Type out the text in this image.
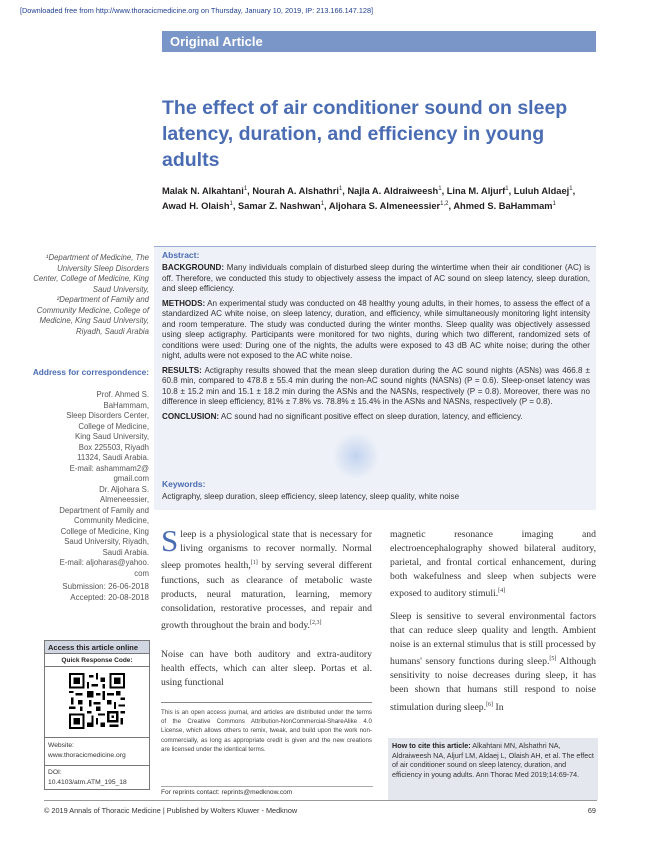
[Downloaded free from http://www.thoracicmedicine.org on Thursday, January 10, 2019, IP: 213.166.147.128]
Original Article
The effect of air conditioner sound on sleep latency, duration, and efficiency in young adults
Malak N. Alkahtani$^1$, Nourah A. Alshathri$^1$, Najla A. Aldraiweesh$^1$, Lina M. Aljurf$^1$, Luluh Aldaej$^1$, Awad H. Olaish$^1$, Samar Z. Nashwan$^1$, Aljohara S. Almeneessier$^{1,2}$, Ahmed S. BaHammam$^1$
¹Department of Medicine, The University Sleep Disorders Center, College of Medicine, King Saud University,
²Department of Family and Community Medicine, College of Medicine, King Saud University, Riyadh, Saudi Arabia
Address for correspondence:
Prof. Ahmed S.
BaHammam,
Sleep Disorders Center,
College of Medicine,
King Saud University,
Box 225503, Riyadh
11324, Saudi Arabia.
E-mail: ashammam2@
gmail.com
Dr. Aljohara S.
Almeneessier,
Department of Family and
Community Medicine,
College of Medicine, King
Saud University, Riyadh,
Saudi Arabia.
E-mail: aljoharas@yahoo.
com
Submission: 26-06-2018
Accepted: 20-08-2018
Abstract:

BACKGROUND: Many individuals complain of disturbed sleep during the wintertime when their air conditioner (AC) is off. Therefore, we conducted this study to objectively assess the impact of AC sound on sleep latency, sleep duration, and sleep efficiency.

METHODS: An experimental study was conducted on 48 healthy young adults, in their homes, to assess the effect of a standardized AC white noise, on sleep latency, duration, and efficiency, while simultaneously monitoring light intensity and room temperature. The study was conducted during the winter months. Sleep quality was objectively assessed using sleep actigraphy. Participants were monitored for two nights, during which two different, randomized sets of conditions were used: During one of the nights, the adults were exposed to 43 dB AC white noise; during the other night, adults were not exposed to the AC white noise.

RESULTS: Actigraphy results showed that the mean sleep duration during the AC sound nights (ASNs) was 466.8 ± 60.8 min, compared to 478.8 ± 55.4 min during the non-AC sound nights (NASNs) (P = 0.6). Sleep-onset latency was 10.8 ± 15.2 min and 15.1 ± 18.2 min during the ASNs and the NASNs, respectively (P = 0.8). Moreover, there was no difference in sleep efficiency, 81% ± 7.8% vs. 78.8% ± 15.4% in the ASNs and NASNs, respectively (P = 0.8).

CONCLUSION: AC sound had no significant positive effect on sleep duration, latency, and efficiency.

Keywords:
Actigraphy, sleep duration, sleep efficiency, sleep latency, sleep quality, white noise

Sleep is a physiological state that is necessary for living organisms to recover normally. Normal sleep promotes health,[1] by serving several different functions, such as clearance of metabolic waste products, neural maturation, learning, memory consolidation, restorative processes, and repair and growth throughout the brain and body.[2,3]

Noise can have both auditory and extra-auditory health effects, which can alter sleep. Portas et al. using functional

magnetic resonance imaging and electroencephalography showed bilateral auditory, parietal, and frontal cortical enhancement, during both wakefulness and sleep when subjects were exposed to auditory stimuli.[4]

Sleep is sensitive to several environmental factors that can reduce sleep quality and length. Ambient noise is an external stimulus that is still processed by humans' sensory functions during sleep.[5] Although sensitivity to noise decreases during sleep, it has been shown that humans still respond to noise stimulation during sleep.[6] In

This is an open access journal, and articles are distributed under the terms of the Creative Commons Attribution-NonCommercial-ShareAlike 4.0 License, which allows others to remix, tweak, and build upon the work non-commercially, as long as appropriate credit is given and the new creations are licensed under the identical terms.
For reprints contact: reprints@medknow.com
How to cite this article: Alkahtani MN, Alshathri NA, Aldraiweesh NA, Aljurf LM, Aldaej L, Olaish AH, et al. The effect of air conditioner sound on sleep latency, duration, and efficiency in young adults. Ann Thorac Med 2019;14:69-74.
Access this article online
Quick Response Code:
Website:
www.thoracicmedicine.org
DOI:
10.4103/atm.ATM_195_18
© 2019 Annals of Thoracic Medicine | Published by Wolters Kluwer - Medknow	69
